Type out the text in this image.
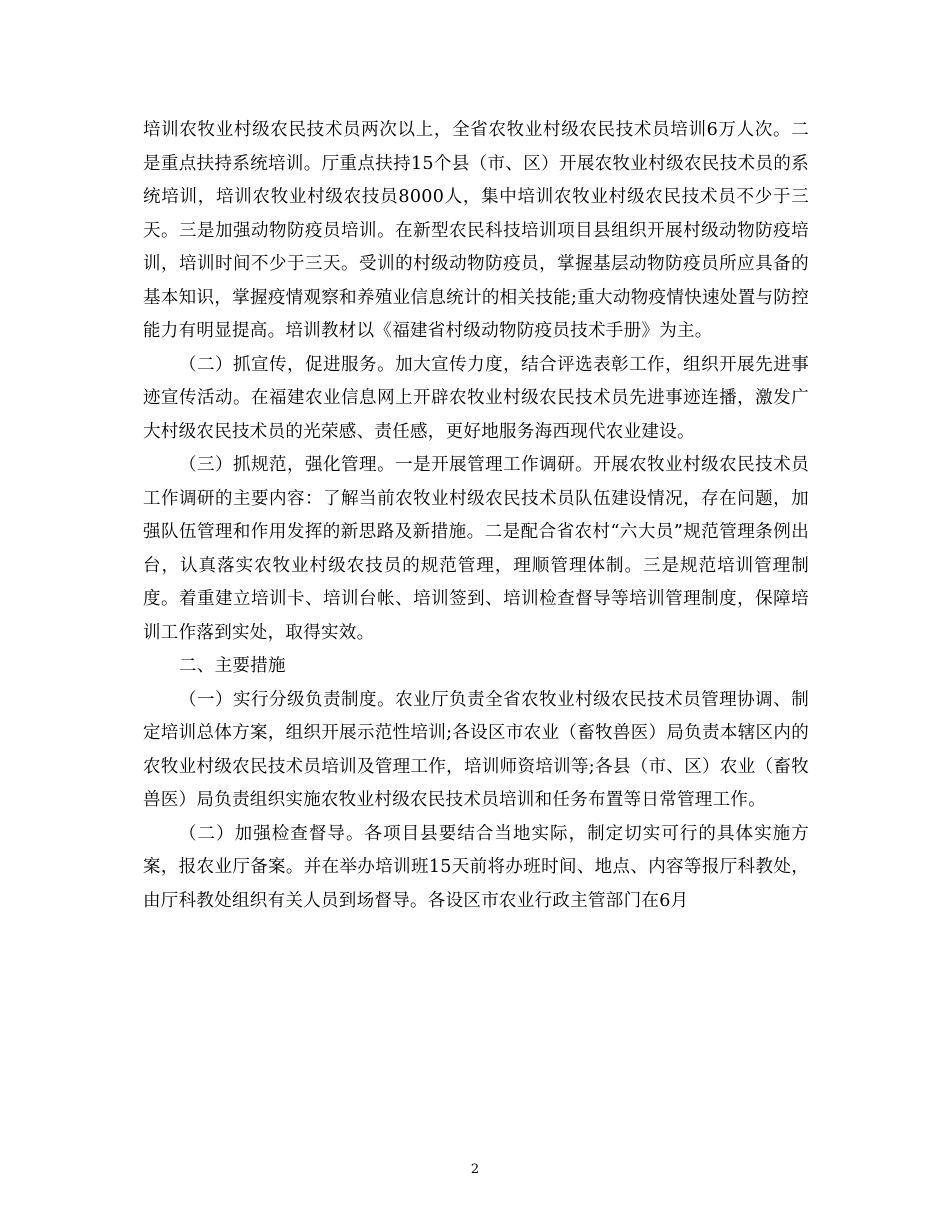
培训农牧业村级农民技术员两次以上，全省农牧业村级农民技术员培训6万人次。二是重点扶持系统培训。厅重点扶持15个县（市、区）开展农牧业村级农民技术员的系统培训，培训农牧业村级农技员8000人，集中培训农牧业村级农民技术员不少于三天。三是加强动物防疫员培训。在新型农民科技培训项目县组织开展村级动物防疫培训，培训时间不少于三天。受训的村级动物防疫员，掌握基层动物防疫员所应具备的基本知识，掌握疫情观察和养殖业信息统计的相关技能;重大动物疫情快速处置与防控能力有明显提高。培训教材以《福建省村级动物防疫员技术手册》为主。

（二）抓宣传，促进服务。加大宣传力度，结合评选表彰工作，组织开展先进事迹宣传活动。在福建农业信息网上开辟农牧业村级农民技术员先进事迹连播，激发广大村级农民技术员的光荣感、责任感，更好地服务海西现代农业建设。

（三）抓规范，强化管理。一是开展管理工作调研。开展农牧业村级农民技术员工作调研的主要内容：了解当前农牧业村级农民技术员队伍建设情况，存在问题，加强队伍管理和作用发挥的新思路及新措施。二是配合省农村“六大员”规范管理条例出台，认真落实农牧业村级农技员的规范管理，理顺管理体制。三是规范培训管理制度。着重建立培训卡、培训台帐、培训签到、培训检查督导等培训管理制度，保障培训工作落到实处，取得实效。

二、主要措施

（一）实行分级负责制度。农业厅负责全省农牧业村级农民技术员管理协调、制定培训总体方案，组织开展示范性培训;各设区市农业（畜牧兽医）局负责本辖区内的农牧业村级农民技术员培训及管理工作，培训师资培训等;各县（市、区）农业（畜牧兽医）局负责组织实施农牧业村级农民技术员培训和任务布置等日常管理工作。

（二）加强检查督导。各项目县要结合当地实际，制定切实可行的具体实施方案，报农业厅备案。并在举办培训班15天前将办班时间、地点、内容等报厅科教处，由厅科教处组织有关人员到场督导。各设区市农业行政主管部门在6月

2
